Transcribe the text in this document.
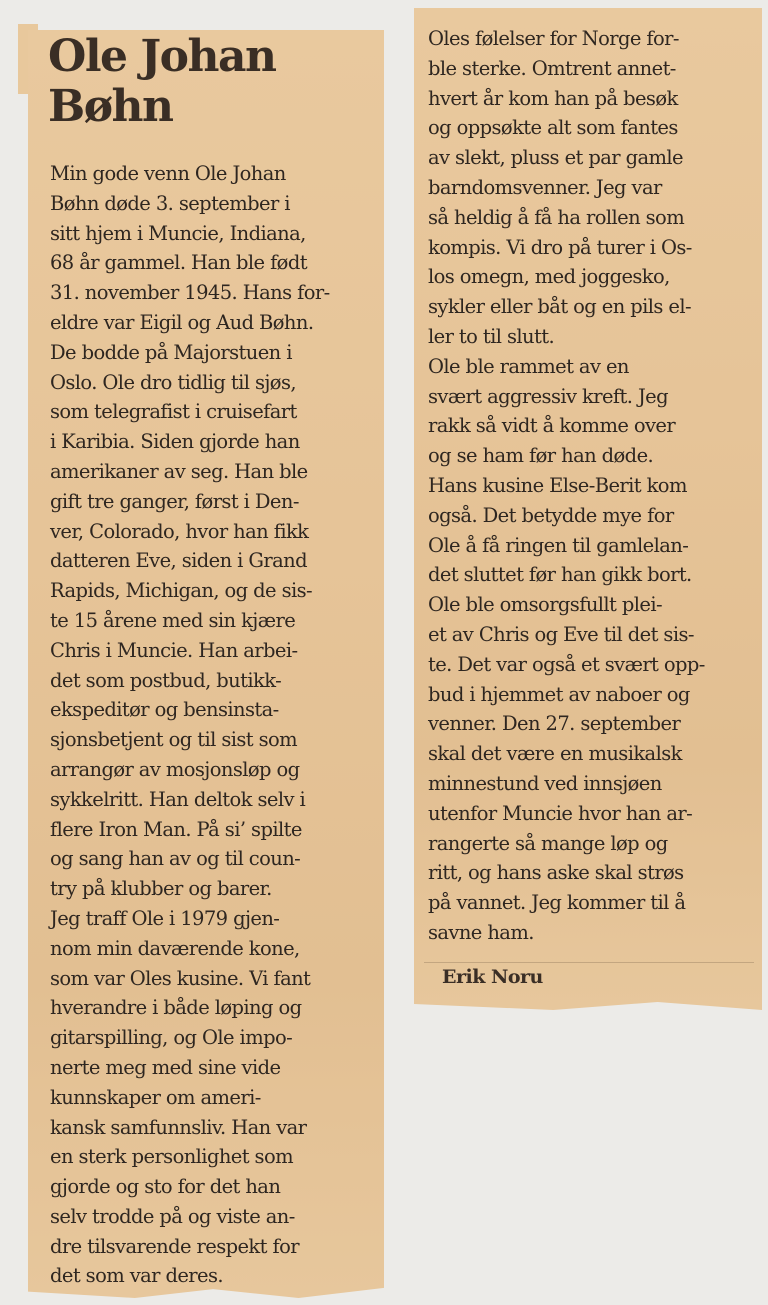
Ole Johan
Bøhn
Min gode venn Ole Johan
Bøhn døde 3. september i
sitt hjem i Muncie, Indiana,
68 år gammel. Han ble født
31. november 1945. Hans for-
eldre var Eigil og Aud Bøhn.
De bodde på Majorstuen i
Oslo. Ole dro tidlig til sjøs,
som telegrafist i cruisefart
i Karibia. Siden gjorde han
amerikaner av seg. Han ble
gift tre ganger, først i Den-
ver, Colorado, hvor han fikk
datteren Eve, siden i Grand
Rapids, Michigan, og de sis-
te 15 årene med sin kjære
Chris i Muncie. Han arbei-
det som postbud, butikk-
ekspeditør og bensinsta-
sjonsbetjent og til sist som
arrangør av mosjonsløp og
sykkelritt. Han deltok selv i
flere Iron Man. På si’ spilte
og sang han av og til coun-
try på klubber og barer.
Jeg traff Ole i 1979 gjen-
nom min daværende kone,
som var Oles kusine. Vi fant
hverandre i både løping og
gitarspilling, og Ole impo-
nerte meg med sine vide
kunnskaper om ameri-
kansk samfunnsliv. Han var
en sterk personlighet som
gjorde og sto for det han
selv trodde på og viste an-
dre tilsvarende respekt for
det som var deres.
Oles følelser for Norge for-
ble sterke. Omtrent annet-
hvert år kom han på besøk
og oppsøkte alt som fantes
av slekt, pluss et par gamle
barndomsvenner. Jeg var
så heldig å få ha rollen som
kompis. Vi dro på turer i Os-
los omegn, med joggesko,
sykler eller båt og en pils el-
ler to til slutt.
Ole ble rammet av en
svært aggressiv kreft. Jeg
rakk så vidt å komme over
og se ham før han døde.
Hans kusine Else-Berit kom
også. Det betydde mye for
Ole å få ringen til gamlelan-
det sluttet før han gikk bort.
Ole ble omsorgsfullt plei-
et av Chris og Eve til det sis-
te. Det var også et svært opp-
bud i hjemmet av naboer og
venner. Den 27. september
skal det være en musikalsk
minnestund ved innsjøen
utenfor Muncie hvor han ar-
rangerte så mange løp og
ritt, og hans aske skal strøs
på vannet. Jeg kommer til å
savne ham.
Erik Noru
